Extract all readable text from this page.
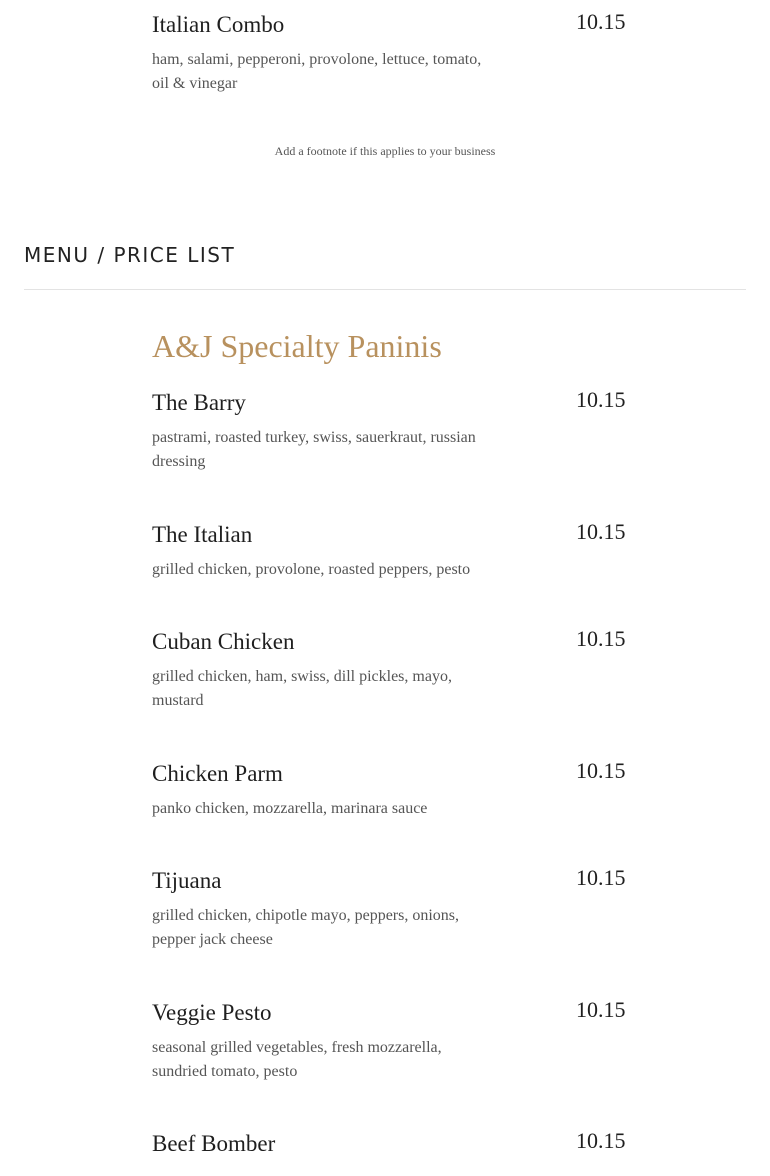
Italian Combo	10.15
ham, salami, pepperoni, provolone, lettuce, tomato, oil & vinegar
Add a footnote if this applies to your business
MENU / PRICE LIST
A&J Specialty Paninis
The Barry	10.15
pastrami, roasted turkey, swiss, sauerkraut, russian dressing
The Italian	10.15
grilled chicken, provolone, roasted peppers, pesto
Cuban Chicken	10.15
grilled chicken, ham, swiss, dill pickles, mayo, mustard
Chicken Parm	10.15
panko chicken, mozzarella, marinara sauce
Tijuana	10.15
grilled chicken, chipotle mayo, peppers, onions, pepper jack cheese
Veggie Pesto	10.15
seasonal grilled vegetables, fresh mozzarella, sundried tomato, pesto
Beef Bomber	10.15
